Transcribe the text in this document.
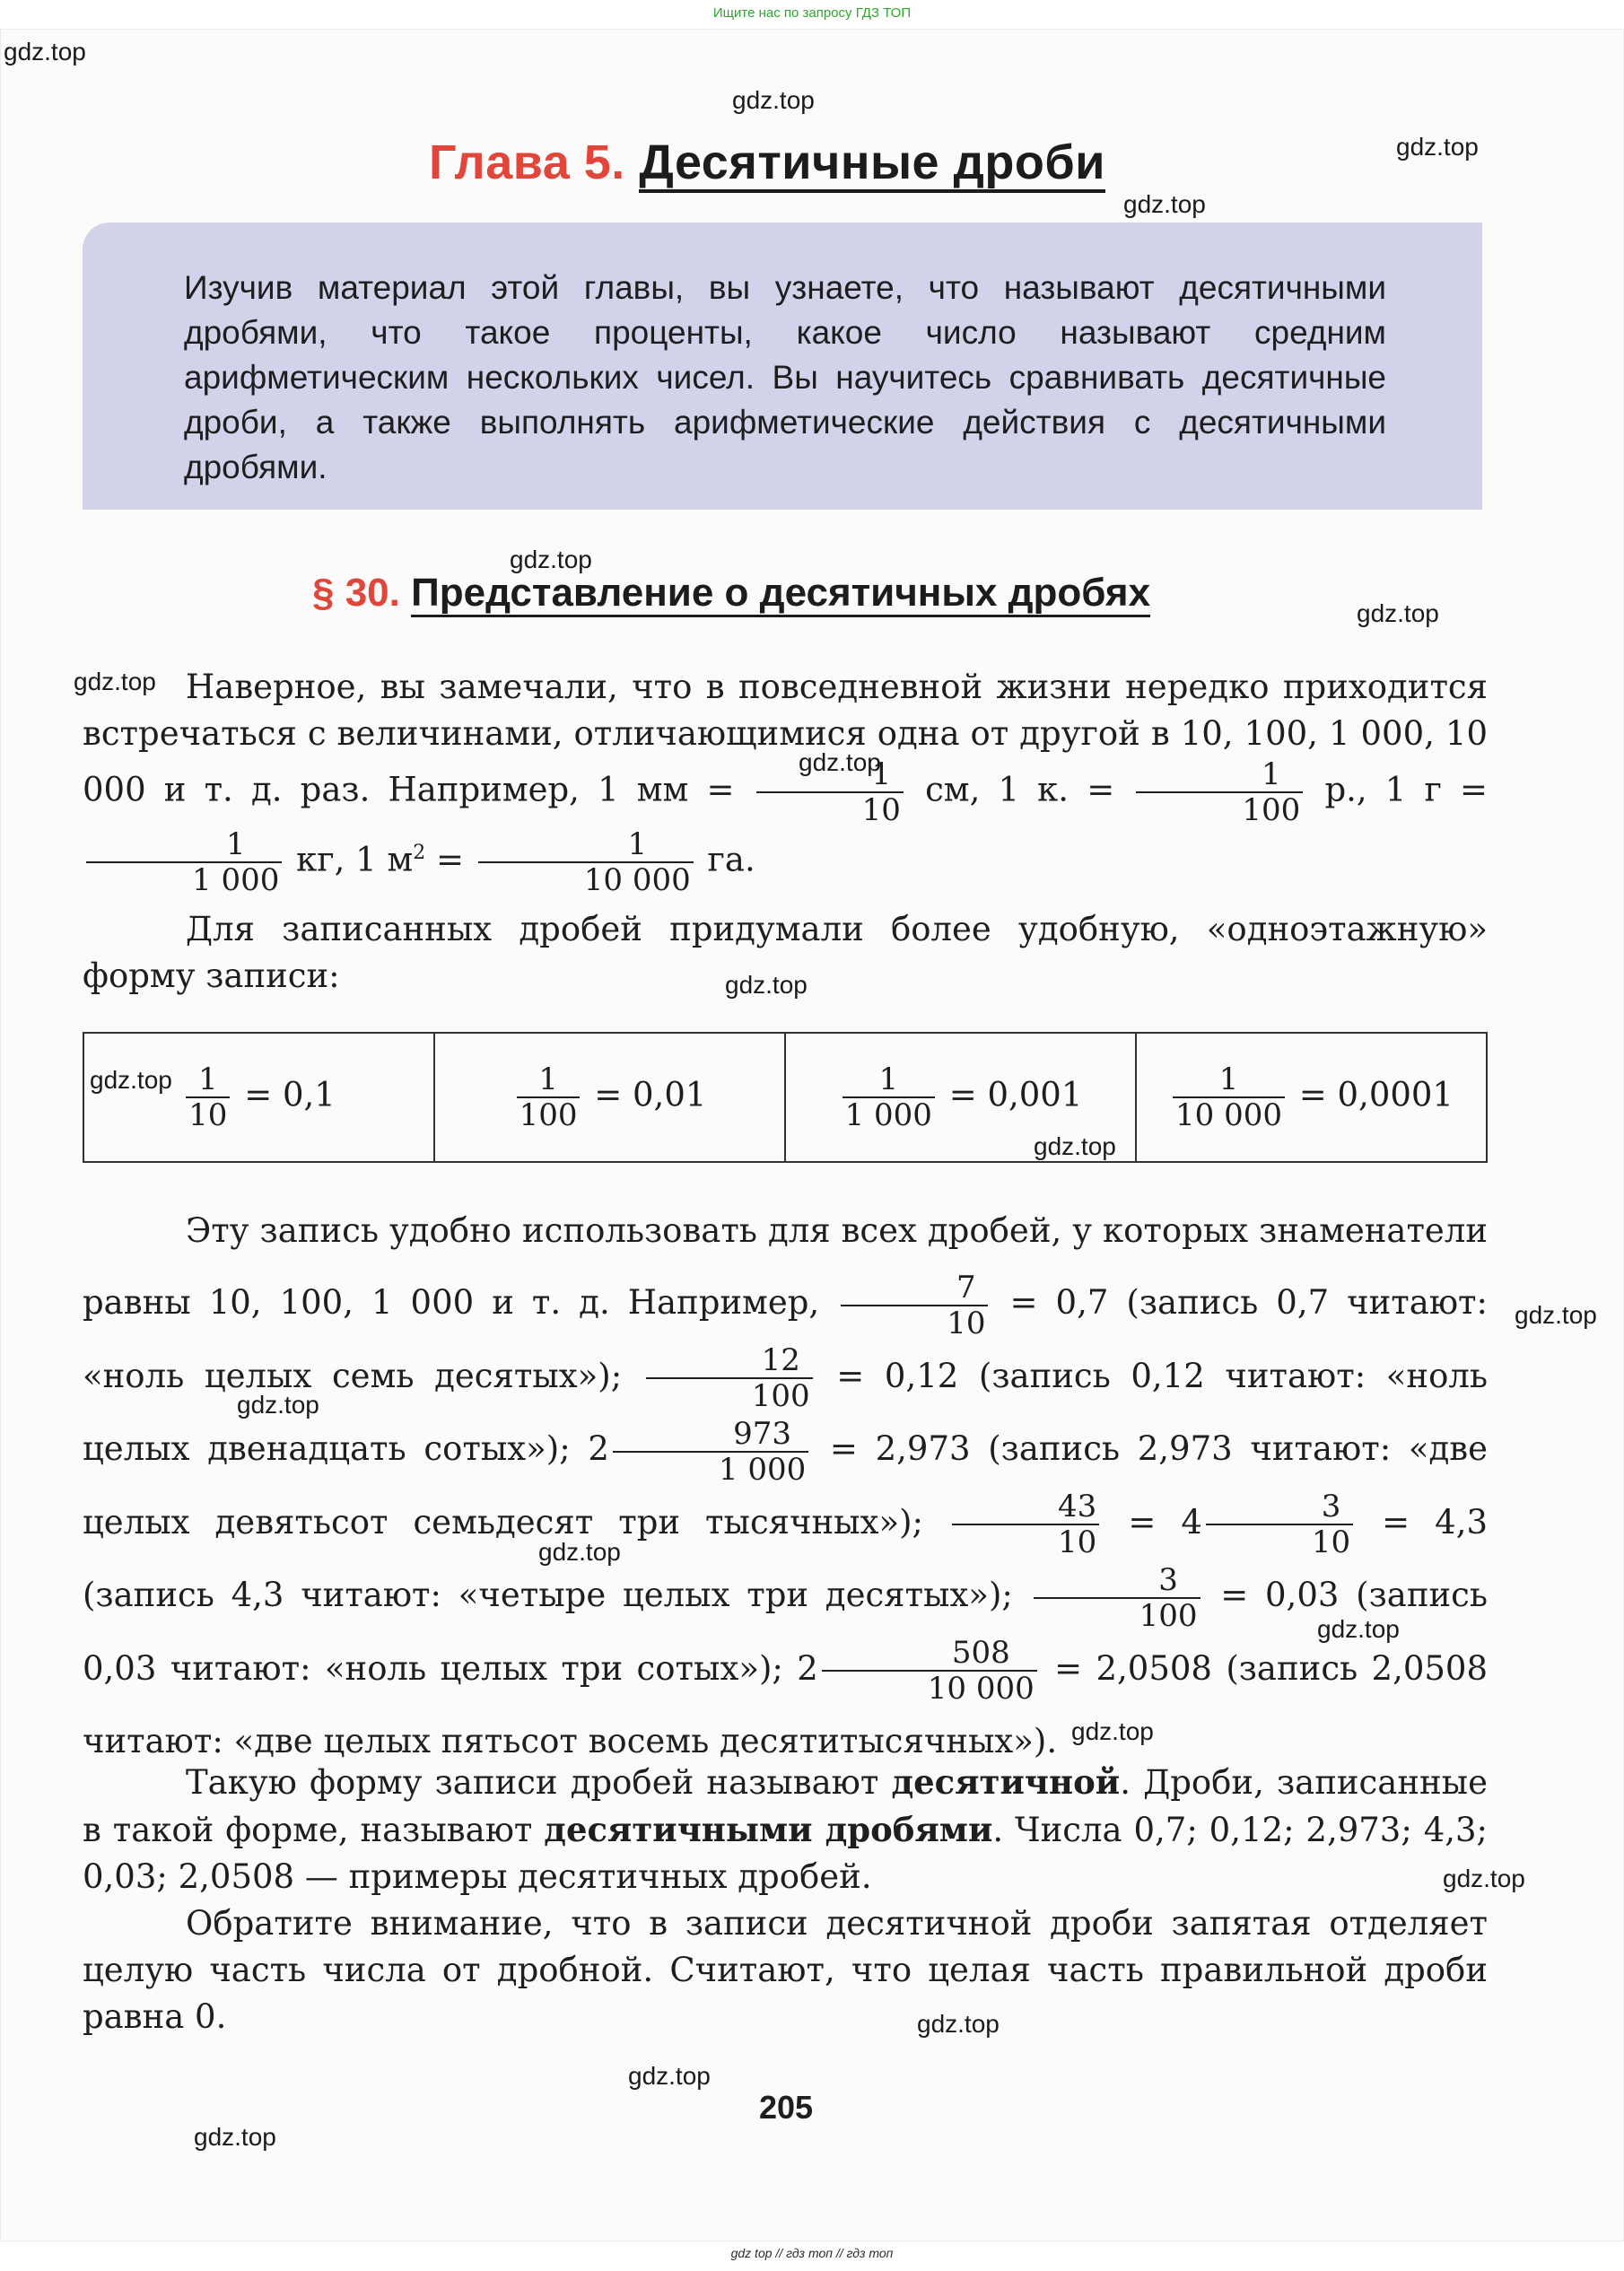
Ищите нас по запросу ГДЗ ТОП
gdz.top
gdz.top
gdz.top
gdz.top
Глава 5. Десятичные дроби
Изучив материал этой главы, вы узнаете, что называют десятичными дробями, что такое проценты, какое число называют средним арифметическим нескольких чисел. Вы научитесь сравнивать десятичные дроби, а также выполнять арифметические действия с десятичными дробями.
gdz.top
gdz.top
§ 30. Представление о десятичных дробях
gdz.top
gdz.top
Наверное, вы замечали, что в повседневной жизни нередко приходится встречаться с величинами, отличающимися одна от другой в 10, 100, 1 000, 10 000 и т. д. раз. Например, 1 мм = $\frac{1}{10}$ см, 1 к. = $\frac{1}{100} р$., 1 г =
$\frac{1}{1 000}$ кг, 1 $м^2 = \frac{1}{10 000}$ га.
Для записанных дробей придумали более удобную, «одноэтажную» форму записи:	gdz.top
$\frac{1}{10} = 0,1$	$\frac{1}{100} = 0,01$	$\frac{1}{1 000} = 0,001$	$\frac{1}{10 000} = 0,0001$
gdz.top
gdz.top
Эту запись удобно использовать для всех дробей, у которых знаменатели равны 10, 100, 1 000 и т. д. Например, $\frac{7}{10} = 0,7$ (запись 0,7 читают: «ноль целых семь десятых»); $\frac{12}{100} = 0,12$ (запись 0,12 читают: «ноль целых двенадцать сотых»); $2 \frac{973}{1 000} = 2,973$ (запись 2,973 читают: «две целых девятьсот семьдесят три тысячных»); $\frac{43}{10} = 4 \frac{3}{10} = 4,3$ (запись 4,3 читают: «четыре целых три десятых»); $\frac{3}{100} = 0,03$ (запись 0,03 читают: «ноль целых три сотых»); $2 \frac{508}{10 000} = 2,0508$ (запись 2,0508 читают: «две целых пятьсот восемь десятитысячных»).
gdz.top
gdz.top
gdz.top
gdz.top
gdz.top
Такую форму записи дробей называют десятичной. Дроби, записанные в такой форме, называют десятичными дробями. Числа 0,7; 0,12; 2,973; 4,3; 0,03; 2,0508 — примеры десятичных дробей.	gdz.top
Обратите внимание, что в записи десятичной дроби запятая отделяет целую часть числа от дробной. Считают, что целая часть правильной дроби равна 0.	gdz.top
gdz.top
gdz.top
205
gdz top // гдз топ // гдз топ
